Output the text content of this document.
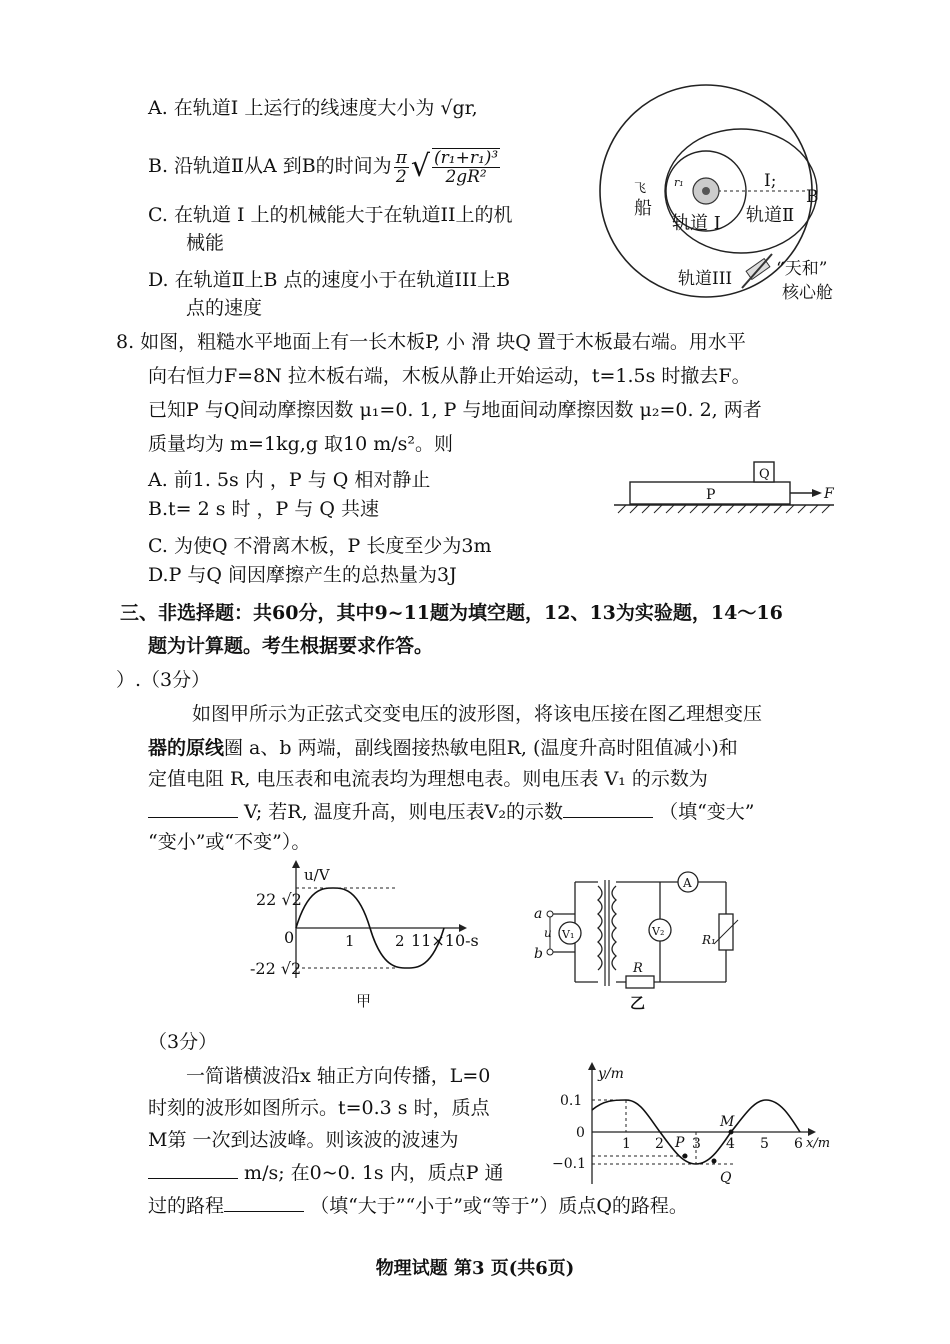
A. 在轨道I 上运行的线速度大小为 √gr,
B. 沿轨道Ⅱ从A 到B的时间为 $\frac{\pi}{2}$ √ $\frac{\text{(r₁+r₁)³}}{\text{2gR²}}$
C. 在轨道 I 上的机械能大于在轨道II上的机
械能
D. 在轨道Ⅱ上B 点的速度小于在轨道III上B
点的速度
飞
船
r₁	I;
B
轨道 I 轨道Ⅱ
轨道III	“天和”
核心舱
8. 如图，粗糙水平地面上有一长木板P, 小 滑 块Q 置于木板最右端。用水平
向右恒力F=8N 拉木板右端，木板从静止开始运动，t=1.5s 时撤去F。
已知P 与Q间动摩擦因数 μ₁=0. 1, P 与地面间动摩擦因数 μ₂=0. 2, 两者
质量均为 m=1kg,g 取10 m/s²。则
A. 前1. 5s 内 ，P 与 Q 相对静止
B.t= 2 s 时 ，P 与 Q 共速
C. 为使Q 不滑离木板，P 长度至少为3m
D.P 与Q 间因摩擦产生的总热量为3J
P
Q
F
三、非选择题：共60分，其中9~11题为填空题，12、13为实验题，14～16
题为计算题。考生根据要求作答。
）.（3分）
如图甲所示为正弦式交变电压的波形图，将该电压接在图乙理想变压
器的原线圈 a、b 两端，副线圈接热敏电阻R, (温度升高时阻值减小)和
定值电阻 R, 电压表和电流表均为理想电表。则电压表 V₁ 的示数为
V; 若R, 温度升高，则电压表V₂的示数	（填“变大”
“变小”或“不变”）。
u/V
22 √2
0
-22 √2
1	2 11×10-s
甲
a
b
u V₁	V₂
A
R
R₁
乙
（3分）
一简谐横波沿x 轴正方向传播，L=0
时刻的波形如图所示。t=0.3 s 时，质点
M第 一次到达波峰。则该波的波速为
m/s; 在0~0. 1s 内，质点P 通
过的路程	（填“大于”“小于”或“等于”）质点Q的路程。
y/m
0.1
0
−0.1
1 2 3 4 5 6 x/m
P
M
Q
物理试题 第3 页(共6页)
